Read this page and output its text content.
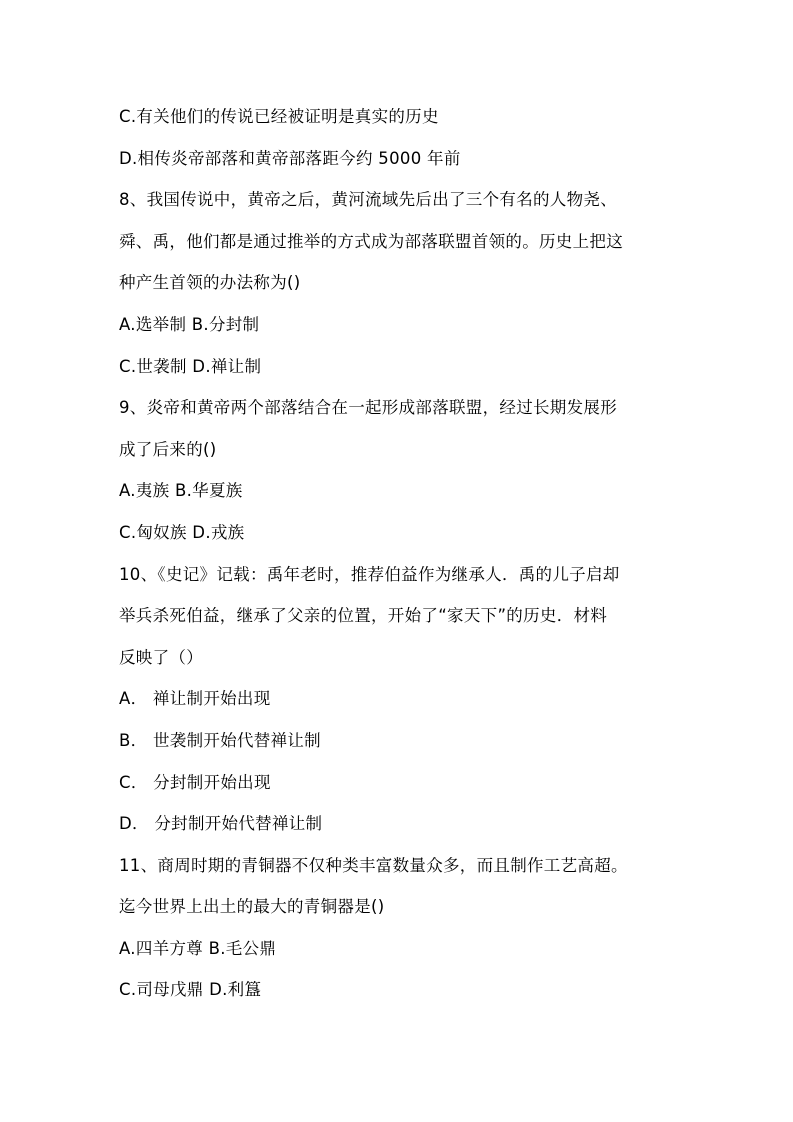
C.有关他们的传说已经被证明是真实的历史
D.相传炎帝部落和黄帝部落距今约 5000 年前
8、我国传说中，黄帝之后，黄河流域先后出了三个有名的人物尧、
舜、禹，他们都是通过推举的方式成为部落联盟首领的。历史上把这
种产生首领的办法称为()
A.选举制 B.分封制
C.世袭制 D.禅让制
9、炎帝和黄帝两个部落结合在一起形成部落联盟，经过长期发展形
成了后来的()
A.夷族 B.华夏族
C.匈奴族 D.戎族
10、《史记》记载：禹年老时，推荐伯益作为继承人．禹的儿子启却
举兵杀死伯益，继承了父亲的位置，开始了“家天下”的历史．材料
反映了（）
A． 禅让制开始出现
B． 世袭制开始代替禅让制
C． 分封制开始出现
D． 分封制开始代替禅让制
11、商周时期的青铜器不仅种类丰富数量众多，而且制作工艺高超。
迄今世界上出土的最大的青铜器是()
A.四羊方尊 B.毛公鼎
C.司母戊鼎 D.利簋
